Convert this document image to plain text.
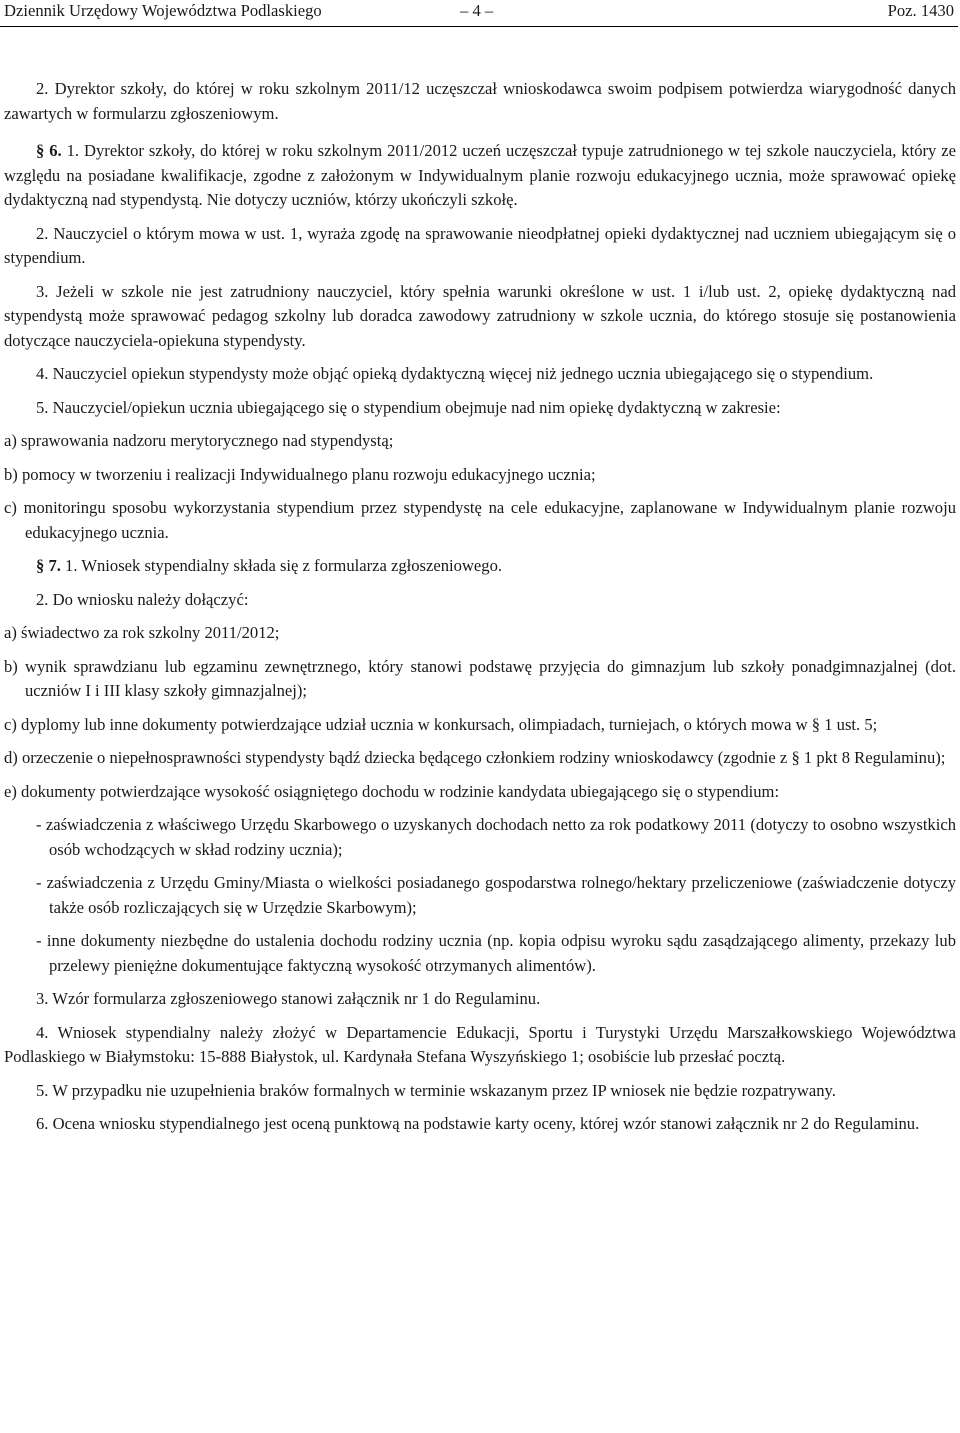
Dziennik Urzędowy Województwa Podlaskiego	– 4 –	Poz. 1430

2. Dyrektor szkoły, do której w roku szkolnym 2011/12 uczęszczał wnioskodawca swoim podpisem potwierdza wiarygodność danych zawartych w formularzu zgłoszeniowym.

§ 6. 1. Dyrektor szkoły, do której w roku szkolnym 2011/2012 uczeń uczęszczał typuje zatrudnionego w tej szkole nauczyciela, który ze względu na posiadane kwalifikacje, zgodne z założonym w Indywidualnym planie rozwoju edukacyjnego ucznia, może sprawować opiekę dydaktyczną nad stypendystą. Nie dotyczy uczniów, którzy ukończyli szkołę.

2. Nauczyciel o którym mowa w ust. 1, wyraża zgodę na sprawowanie nieodpłatnej opieki dydaktycznej nad uczniem ubiegającym się o stypendium.

3. Jeżeli w szkole nie jest zatrudniony nauczyciel, który spełnia warunki określone w ust. 1 i/lub ust. 2, opiekę dydaktyczną nad stypendystą może sprawować pedagog szkolny lub doradca zawodowy zatrudniony w szkole ucznia, do którego stosuje się postanowienia dotyczące nauczyciela-opiekuna stypendysty.

4. Nauczyciel opiekun stypendysty może objąć opieką dydaktyczną więcej niż jednego ucznia ubiegającego się o stypendium.

5. Nauczyciel/opiekun ucznia ubiegającego się o stypendium obejmuje nad nim opiekę dydaktyczną w zakresie:

a) sprawowania nadzoru merytorycznego nad stypendystą;

b) pomocy w tworzeniu i realizacji Indywidualnego planu rozwoju edukacyjnego ucznia;

c) monitoringu sposobu wykorzystania stypendium przez stypendystę na cele edukacyjne, zaplanowane w Indywidualnym planie rozwoju edukacyjnego ucznia.

§ 7. 1. Wniosek stypendialny składa się z formularza zgłoszeniowego.

2. Do wniosku należy dołączyć:

a) świadectwo za rok szkolny 2011/2012;

b) wynik sprawdzianu lub egzaminu zewnętrznego, który stanowi podstawę przyjęcia do gimnazjum lub szkoły ponadgimnazjalnej (dot. uczniów I i III klasy szkoły gimnazjalnej);

c) dyplomy lub inne dokumenty potwierdzające udział ucznia w konkursach, olimpiadach, turniejach, o których mowa w § 1 ust. 5;

d) orzeczenie o niepełnosprawności stypendysty bądź dziecka będącego członkiem rodziny wnioskodawcy (zgodnie z § 1 pkt 8 Regulaminu);

e) dokumenty potwierdzające wysokość osiągniętego dochodu w rodzinie kandydata ubiegającego się o stypendium:

- zaświadczenia z właściwego Urzędu Skarbowego o uzyskanych dochodach netto za rok podatkowy 2011 (dotyczy to osobno wszystkich osób wchodzących w skład rodziny ucznia);

- zaświadczenia z Urzędu Gminy/Miasta o wielkości posiadanego gospodarstwa rolnego/hektary przeliczeniowe (zaświadczenie dotyczy także osób rozliczających się w Urzędzie Skarbowym);

- inne dokumenty niezbędne do ustalenia dochodu rodziny ucznia (np. kopia odpisu wyroku sądu zasądzającego alimenty, przekazy lub przelewy pieniężne dokumentujące faktyczną wysokość otrzymanych alimentów).

3. Wzór formularza zgłoszeniowego stanowi załącznik nr 1 do Regulaminu.

4. Wniosek stypendialny należy złożyć w Departamencie Edukacji, Sportu i Turystyki Urzędu Marszałkowskiego Województwa Podlaskiego w Białymstoku: 15-888 Białystok, ul. Kardynała Stefana Wyszyńskiego 1; osobiście lub przesłać pocztą.

5. W przypadku nie uzupełnienia braków formalnych w terminie wskazanym przez IP wniosek nie będzie rozpatrywany.

6. Ocena wniosku stypendialnego jest oceną punktową na podstawie karty oceny, której wzór stanowi załącznik nr 2 do Regulaminu.
